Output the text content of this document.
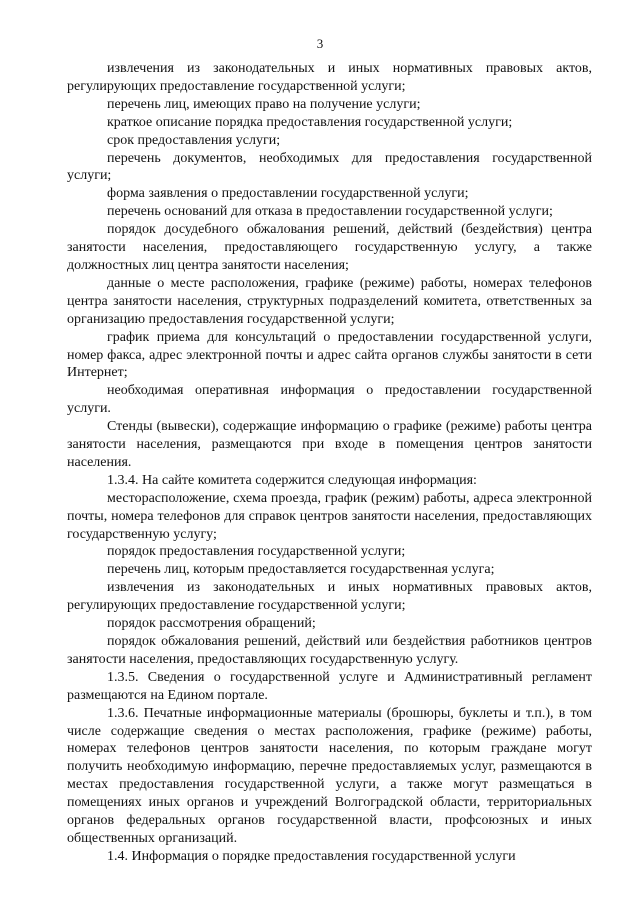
3

извлечения из законодательных и иных нормативных правовых актов, регулирующих предоставление государственной услуги;

перечень лиц, имеющих право на получение услуги;

краткое описание порядка предоставления государственной услуги;

срок предоставления услуги;

перечень документов, необходимых для предоставления государственной услуги;

форма заявления о предоставлении государственной услуги;

перечень оснований для отказа в предоставлении государственной услуги;

порядок досудебного обжалования решений, действий (бездействия) центра занятости населения, предоставляющего государственную услугу, а также должностных лиц центра занятости населения;

данные о месте расположения, графике (режиме) работы, номерах телефонов центра занятости населения, структурных подразделений комитета, ответственных за организацию предоставления государственной услуги;

график приема для консультаций о предоставлении государственной услуги, номер факса, адрес электронной почты и адрес сайта органов службы занятости в сети Интернет;

необходимая оперативная информация о предоставлении государственной услуги.

Стенды (вывески), содержащие информацию о графике (режиме) работы центра занятости населения, размещаются при входе в помещения центров занятости населения.

1.3.4. На сайте комитета содержится следующая информация:

месторасположение, схема проезда, график (режим) работы, адреса электронной почты, номера телефонов для справок центров занятости населения, предоставляющих государственную услугу;

порядок предоставления государственной услуги;

перечень лиц, которым предоставляется государственная услуга;

извлечения из законодательных и иных нормативных правовых актов, регулирующих предоставление государственной услуги;

порядок рассмотрения обращений;

порядок обжалования решений, действий или бездействия работников центров занятости населения, предоставляющих государственную услугу.

1.3.5. Сведения о государственной услуге и Административный регламент размещаются на Едином портале.

1.3.6. Печатные информационные материалы (брошюры, буклеты и т.п.), в том числе содержащие сведения о местах расположения, графике (режиме) работы, номерах телефонов центров занятости населения, по которым граждане могут получить необходимую информацию, перечне предоставляемых услуг, размещаются в местах предоставления государственной услуги, а также могут размещаться в помещениях иных органов и учреждений Волгоградской области, территориальных органов федеральных органов государственной власти, профсоюзных и иных общественных организаций.

1.4. Информация о порядке предоставления государственной услуги
